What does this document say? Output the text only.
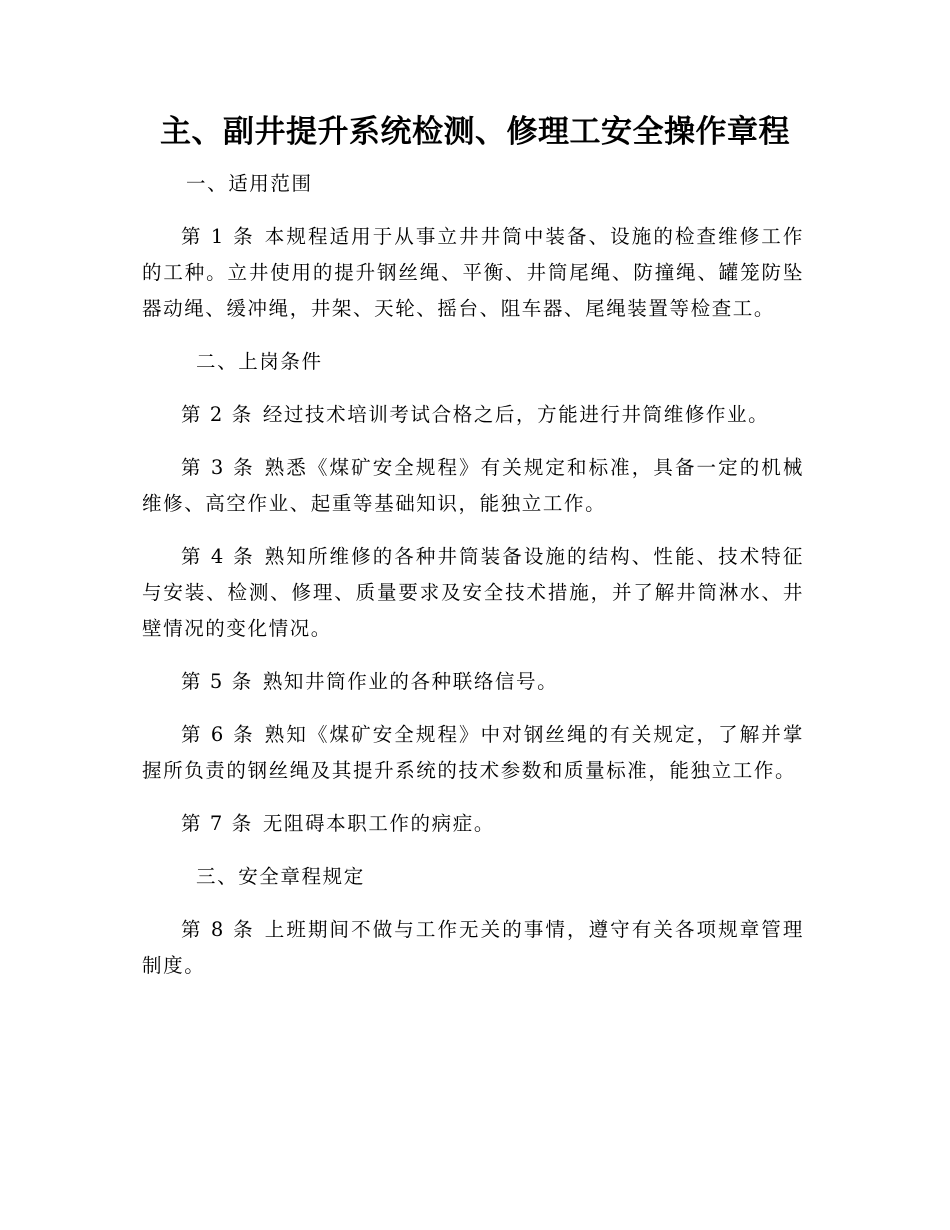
主、副井提升系统检测、修理工安全操作章程

一、适用范围

第 1 条 本规程适用于从事立井井筒中装备、设施的检查维修工作的工种。立井使用的提升钢丝绳、平衡、井筒尾绳、防撞绳、罐笼防坠器动绳、缓冲绳，井架、天轮、摇台、阻车器、尾绳装置等检查工。

二、上岗条件

第 2 条 经过技术培训考试合格之后，方能进行井筒维修作业。

第 3 条 熟悉《煤矿安全规程》有关规定和标准，具备一定的机械维修、高空作业、起重等基础知识，能独立工作。

第 4 条 熟知所维修的各种井筒装备设施的结构、性能、技术特征与安装、检测、修理、质量要求及安全技术措施，并了解井筒淋水、井壁情况的变化情况。

第 5 条 熟知井筒作业的各种联络信号。

第 6 条 熟知《煤矿安全规程》中对钢丝绳的有关规定，了解并掌握所负责的钢丝绳及其提升系统的技术参数和质量标准，能独立工作。

第 7 条 无阻碍本职工作的病症。

三、安全章程规定

第 8 条 上班期间不做与工作无关的事情，遵守有关各项规章管理制度。
